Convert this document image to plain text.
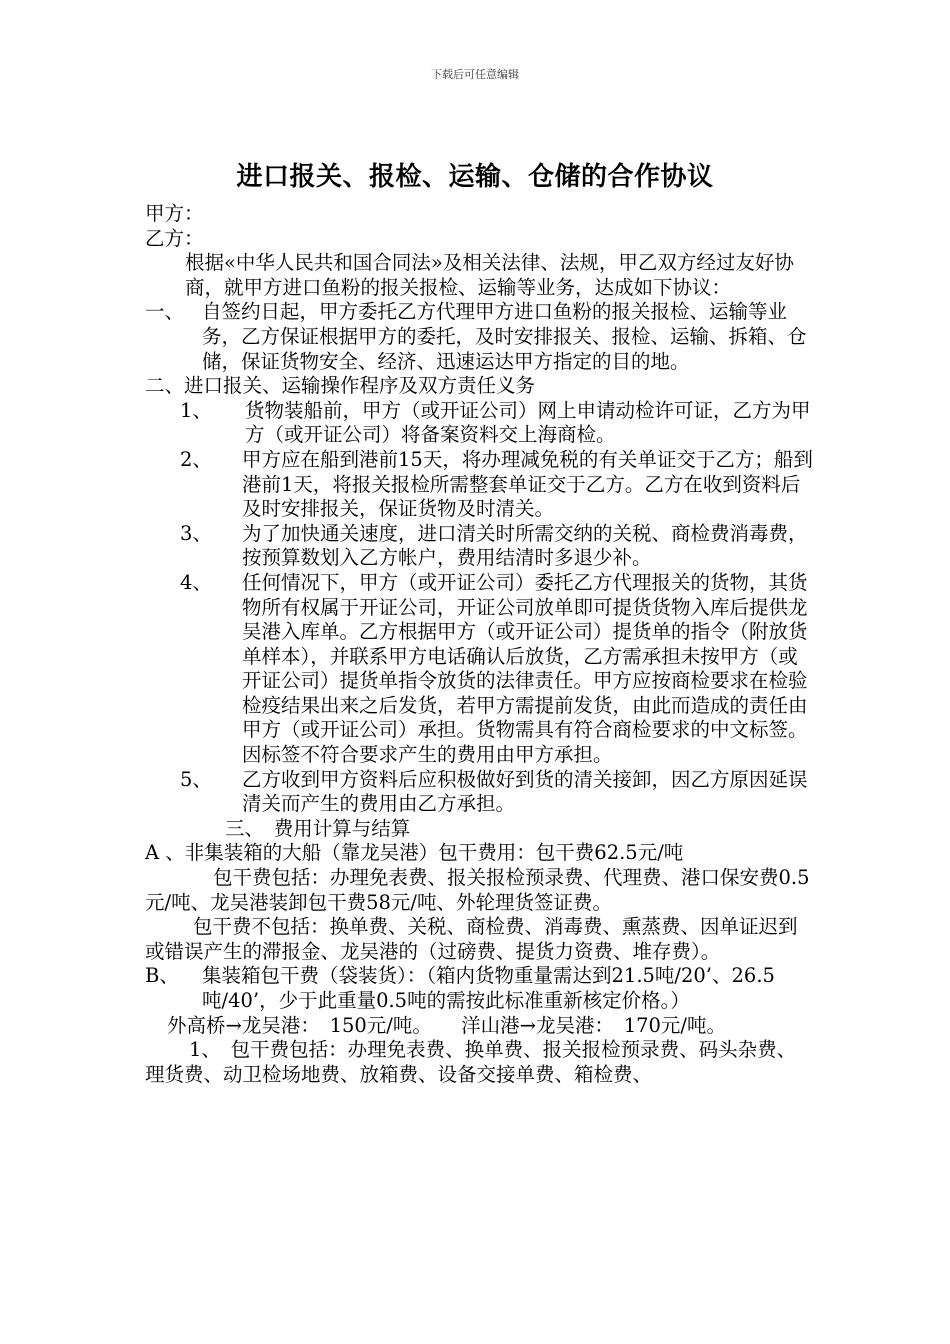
下载后可任意编辑
进口报关、报检、运输、仓储的合作协议

甲方：

乙方：

根据«中华人民共和国合同法»及相关法律、法规，甲乙双方经过友好协商，就甲方进口鱼粉的报关报检、运输等业务，达成如下协议：

一、 自签约日起，甲方委托乙方代理甲方进口鱼粉的报关报检、运输等业务，乙方保证根据甲方的委托，及时安排报关、报检、运输、拆箱、仓储，保证货物安全、经济、迅速运达甲方指定的目的地。

二、进口报关、运输操作程序及双方责任义务

1、	货物装船前，甲方（或开证公司）网上申请动检许可证，乙方为甲方（或开证公司）将备案资料交上海商检。
2、	甲方应在船到港前15天，将办理减免税的有关单证交于乙方；船到港前1天，将报关报检所需整套单证交于乙方。乙方在收到资料后及时安排报关，保证货物及时清关。
3、	为了加快通关速度，进口清关时所需交纳的关税、商检费消毒费，按预算数划入乙方帐户，费用结清时多退少补。
4、	任何情况下，甲方（或开证公司）委托乙方代理报关的货物，其货物所有权属于开证公司，开证公司放单即可提货货物入库后提供龙吴港入库单。乙方根据甲方（或开证公司）提货单的指令（附放货单样本），并联系甲方电话确认后放货，乙方需承担未按甲方（或开证公司）提货单指令放货的法律责任。甲方应按商检要求在检验检疫结果出来之后发货，若甲方需提前发货，由此而造成的责任由甲方（或开证公司）承担。货物需具有符合商检要求的中文标签。因标签不符合要求产生的费用由甲方承担。
5、	乙方收到甲方资料后应积极做好到货的清关接卸，因乙方原因延误清关而产生的费用由乙方承担。

三、　费用计算与结算

A 、非集装箱的大船（靠龙吴港）包干费用：包干费62.5元/吨

包干费包括：办理免表费、报关报检预录费、代理费、港口保安费0.5元/吨、龙吴港装卸包干费58元/吨、外轮理货签证费。

包干费不包括：换单费、关税、商检费、消毒费、熏蒸费、因单证迟到或错误产生的滞报金、龙吴港的（过磅费、提货力资费、堆存费）。

B、	集装箱包干费（袋装货）：（箱内货物重量需达到21.5吨/20’、26.5吨/40’，少于此重量0.5吨的需按此标准重新核定价格。）

外高桥→龙吴港：　150元/吨。　　洋山港→龙吴港：　170元/吨。

1、　包干费包括：办理免表费、换单费、报关报检预录费、码头杂费、理货费、动卫检场地费、放箱费、设备交接单费、箱检费、
